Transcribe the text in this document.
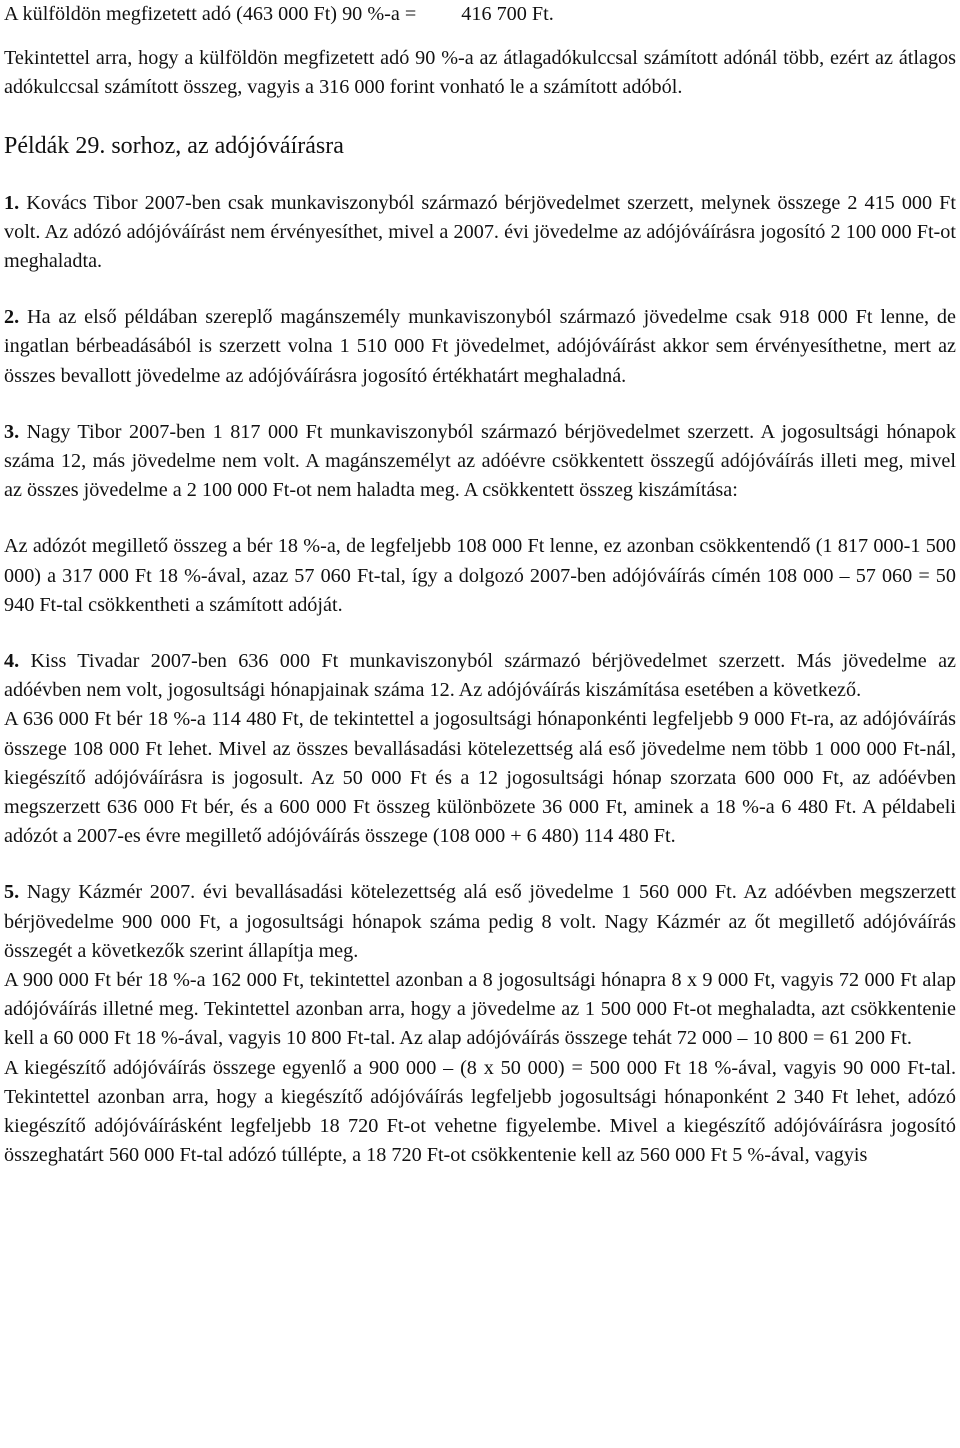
A külföldön megfizetett adó (463 000 Ft) 90 %-a = 416 700 Ft.

Tekintettel arra, hogy a külföldön megfizetett adó 90 %-a az átlagadókulccsal számított adónál több, ezért az átlagos adókulccsal számított összeg, vagyis a 316 000 forint vonható le a számított adóból.

Példák 29. sorhoz, az adójóváírásra

1. Kovács Tibor 2007-ben csak munkaviszonyból származó bérjövedelmet szerzett, melynek összege 2 415 000 Ft volt. Az adózó adójóváírást nem érvényesíthet, mivel a 2007. évi jövedelme az adójóváírásra jogosító 2 100 000 Ft-ot meghaladta.

2. Ha az első példában szereplő magánszemély munkaviszonyból származó jövedelme csak 918 000 Ft lenne, de ingatlan bérbeadásából is szerzett volna 1 510 000 Ft jövedelmet, adójóváírást akkor sem érvényesíthetne, mert az összes bevallott jövedelme az adójóváírásra jogosító értékhatárt meghaladná.

3. Nagy Tibor 2007-ben 1 817 000 Ft munkaviszonyból származó bérjövedelmet szerzett. A jogosultsági hónapok száma 12, más jövedelme nem volt. A magánszemélyt az adóévre csökkentett összegű adójóváírás illeti meg, mivel az összes jövedelme a 2 100 000 Ft-ot nem haladta meg. A csökkentett összeg kiszámítása:

Az adózót megillető összeg a bér 18 %-a, de legfeljebb 108 000 Ft lenne, ez azonban csökkentendő (1 817 000-1 500 000) a 317 000 Ft 18 %-ával, azaz 57 060 Ft-tal, így a dolgozó 2007-ben adójóváírás címén 108 000 – 57 060 = 50 940 Ft-tal csökkentheti a számított adóját.

4. Kiss Tivadar 2007-ben 636 000 Ft munkaviszonyból származó bérjövedelmet szerzett. Más jövedelme az adóévben nem volt, jogosultsági hónapjainak száma 12. Az adójóváírás kiszámítása esetében a következő.

A 636 000 Ft bér 18 %-a 114 480 Ft, de tekintettel a jogosultsági hónaponkénti legfeljebb 9 000 Ft-ra, az adójóváírás összege 108 000 Ft lehet. Mivel az összes bevallásadási kötelezettség alá eső jövedelme nem több 1 000 000 Ft-nál, kiegészítő adójóváírásra is jogosult. Az 50 000 Ft és a 12 jogosultsági hónap szorzata 600 000 Ft, az adóévben megszerzett 636 000 Ft bér, és a 600 000 Ft összeg különbözete 36 000 Ft, aminek a 18 %-a 6 480 Ft. A példabeli adózót a 2007-es évre megillető adójóváírás összege (108 000 + 6 480) 114 480 Ft.

5. Nagy Kázmér 2007. évi bevallásadási kötelezettség alá eső jövedelme 1 560 000 Ft. Az adóévben megszerzett bérjövedelme 900 000 Ft, a jogosultsági hónapok száma pedig 8 volt. Nagy Kázmér az őt megillető adójóváírás összegét a következők szerint állapítja meg.

A 900 000 Ft bér 18 %-a 162 000 Ft, tekintettel azonban a 8 jogosultsági hónapra 8 x 9 000 Ft, vagyis 72 000 Ft alap adójóváírás illetné meg. Tekintettel azonban arra, hogy a jövedelme az 1 500 000 Ft-ot meghaladta, azt csökkentenie kell a 60 000 Ft 18 %-ával, vagyis 10 800 Ft-tal. Az alap adójóváírás összege tehát 72 000 – 10 800 = 61 200 Ft.

A kiegészítő adójóváírás összege egyenlő a 900 000 – (8 x 50 000) = 500 000 Ft 18 %-ával, vagyis 90 000 Ft-tal. Tekintettel azonban arra, hogy a kiegészítő adójóváírás legfeljebb jogosultsági hónaponként 2 340 Ft lehet, adózó kiegészítő adójóváírásként legfeljebb 18 720 Ft-ot vehetne figyelembe. Mivel a kiegészítő adójóváírásra jogosító összeghatárt 560 000 Ft-tal adózó túllépte, a 18 720 Ft-ot csökkentenie kell az 560 000 Ft 5 %-ával, vagyis
